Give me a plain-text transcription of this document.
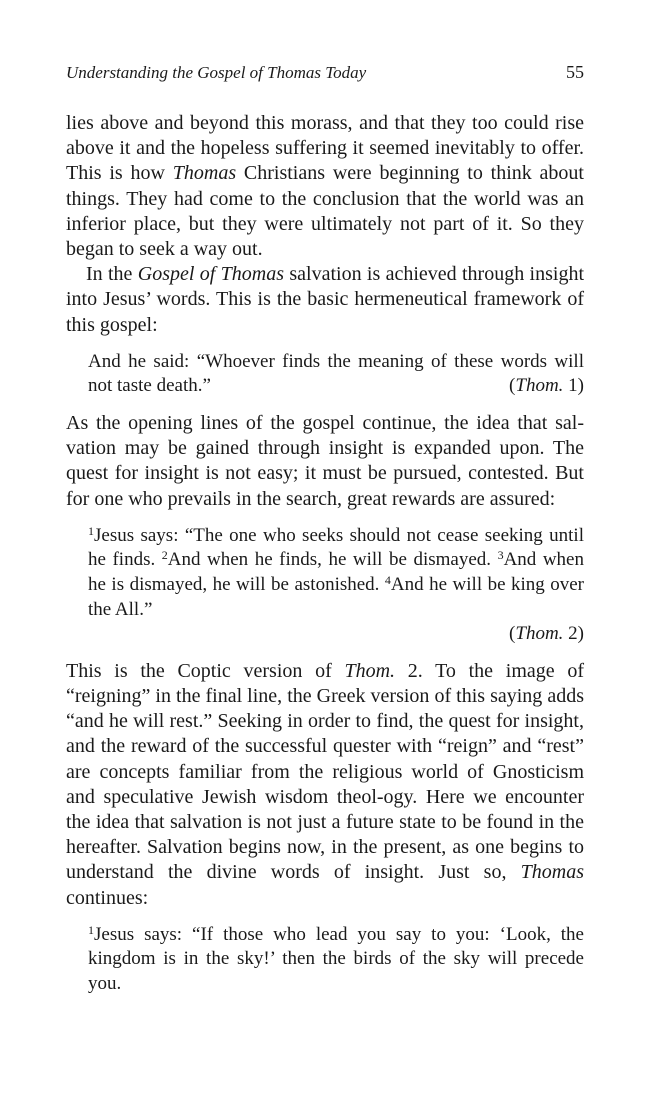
Understanding the Gospel of Thomas Today	55

lies above and beyond this morass, and that they too could rise above it and the hopeless suffering it seemed inevitably to offer. This is how Thomas Christians were beginning to think about things. They had come to the conclusion that the world was an inferior place, but they were ultimately not part of it. So they began to seek a way out.

In the Gospel of Thomas salvation is achieved through insight into Jesus’ words. This is the basic hermeneutical framework of this gospel:

And he said: “Whoever finds the meaning of these words will not taste death.”	(Thom. 1)

As the opening lines of the gospel continue, the idea that sal-vation may be gained through insight is expanded upon. The quest for insight is not easy; it must be pursued, contested. But for one who prevails in the search, great rewards are assured:

$^1$Jesus says: “The one who seeks should not cease seeking until he finds. $^2$And when he finds, he will be dismayed. $^3$And when he is dismayed, he will be astonished. $^4$And he will be king over the All.”
(Thom. 2)

This is the Coptic version of Thom. 2. To the image of “reigning” in the final line, the Greek version of this saying adds “and he will rest.” Seeking in order to find, the quest for insight, and the reward of the successful quester with “reign” and “rest” are concepts familiar from the religious world of Gnosticism and speculative Jewish wisdom theol-ogy. Here we encounter the idea that salvation is not just a future state to be found in the hereafter. Salvation begins now, in the present, as one begins to understand the divine words of insight. Just so, Thomas continues:

$^1$Jesus says: “If those who lead you say to you: ‘Look, the kingdom is in the sky!’ then the birds of the sky will precede you.
